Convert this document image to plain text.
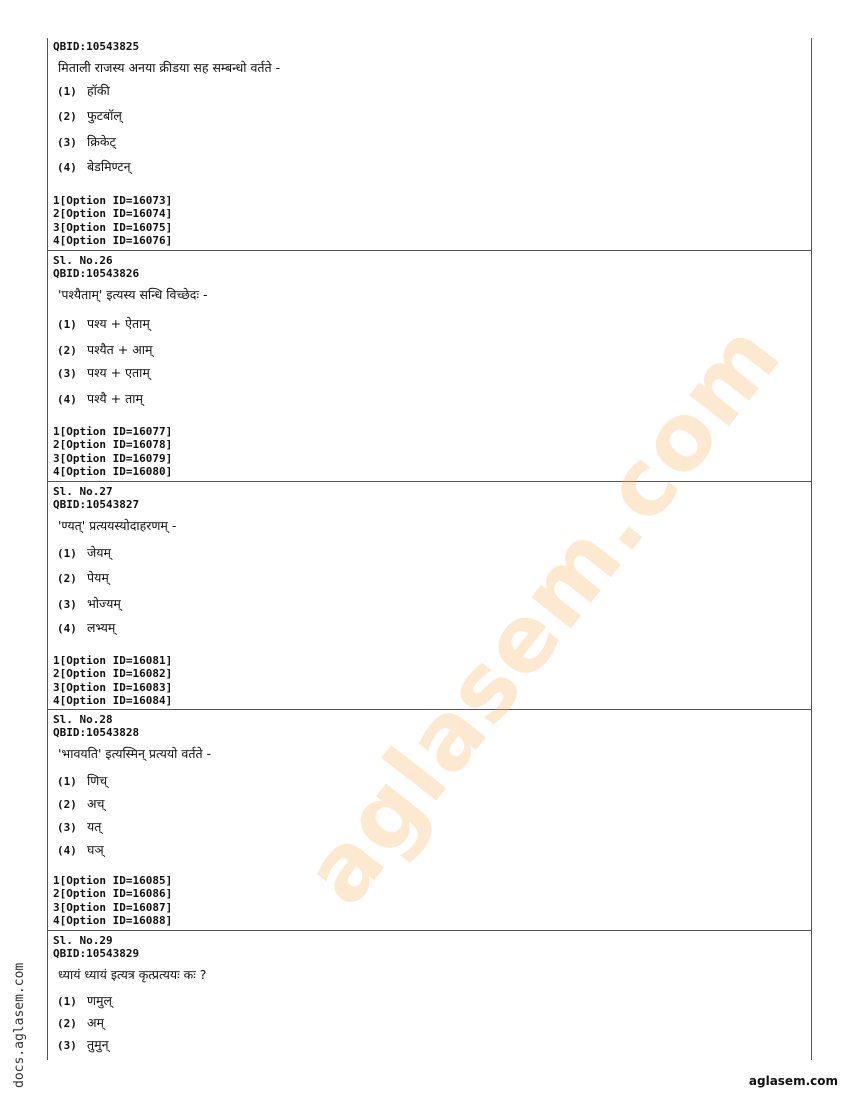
QBID:10543825
मिताली राजस्य अनया क्रीडया सह सम्बन्धो वर्तते -
(1) हॉकी
(2) फुटबॉल्
(3) क्रिकेट्
(4) बेडमिण्टन्
1[Option ID=16073]
2[Option ID=16074]
3[Option ID=16075]
4[Option ID=16076]
Sl. No.26
QBID:10543826
'पश्यैताम्' इत्यस्य सन्धि विच्छेदः -
(1) पश्य + ऐताम्
(2) पश्यैत + आम्
(3) पश्य + एताम्
(4) पश्यै + ताम्
1[Option ID=16077]
2[Option ID=16078]
3[Option ID=16079]
4[Option ID=16080]
Sl. No.27
QBID:10543827
'ण्यत्' प्रत्ययस्योदाहरणम् -
(1) जेयम्
(2) पेयम्
(3) भोज्यम्
(4) लभ्यम्
1[Option ID=16081]
2[Option ID=16082]
3[Option ID=16083]
4[Option ID=16084]
Sl. No.28
QBID:10543828
'भावयति' इत्यस्मिन् प्रत्ययो वर्तते -
(1) णिच्
(2) अच्
(3) यत्
(4) घञ्
1[Option ID=16085]
2[Option ID=16086]
3[Option ID=16087]
4[Option ID=16088]
Sl. No.29
QBID:10543829
ध्यायं ध्यायं इत्यत्र कृत्प्रत्ययः कः ?
(1) णमुल्
(2) अम्
(3) तुमुन्
aglasem.com
docs.aglasem.com	aglasem.com
